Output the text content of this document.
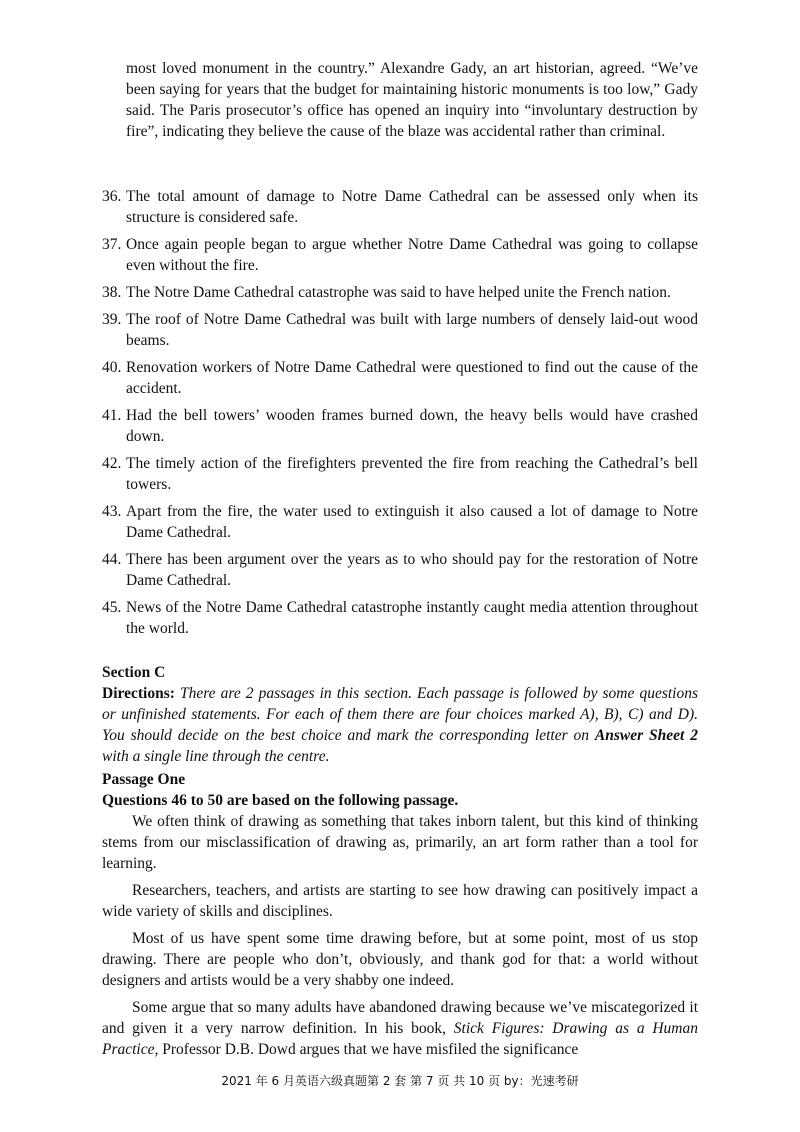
most loved monument in the country.” Alexandre Gady, an art historian, agreed. “We’ve been saying for years that the budget for maintaining historic monuments is too low,” Gady said. The Paris prosecutor’s office has opened an inquiry into “involuntary destruction by fire”, indicating they believe the cause of the blaze was accidental rather than criminal.

36. The total amount of damage to Notre Dame Cathedral can be assessed only when its structure is considered safe.
37. Once again people began to argue whether Notre Dame Cathedral was going to collapse even without the fire.
38. The Notre Dame Cathedral catastrophe was said to have helped unite the French nation.
39. The roof of Notre Dame Cathedral was built with large numbers of densely laid-out wood beams.
40. Renovation workers of Notre Dame Cathedral were questioned to find out the cause of the accident.
41. Had the bell towers’ wooden frames burned down, the heavy bells would have crashed down.
42. The timely action of the firefighters prevented the fire from reaching the Cathedral’s bell towers.
43. Apart from the fire, the water used to extinguish it also caused a lot of damage to Notre Dame Cathedral.
44. There has been argument over the years as to who should pay for the restoration of Notre Dame Cathedral.
45. News of the Notre Dame Cathedral catastrophe instantly caught media attention throughout the world.

Section C

Directions: There are 2 passages in this section. Each passage is followed by some questions or unfinished statements. For each of them there are four choices marked A), B), C) and D). You should decide on the best choice and mark the corresponding letter on Answer Sheet 2 with a single line through the centre.

Passage One

Questions 46 to 50 are based on the following passage.

We often think of drawing as something that takes inborn talent, but this kind of thinking stems from our misclassification of drawing as, primarily, an art form rather than a tool for learning.

Researchers, teachers, and artists are starting to see how drawing can positively impact a wide variety of skills and disciplines.

Most of us have spent some time drawing before, but at some point, most of us stop drawing. There are people who don’t, obviously, and thank god for that: a world without designers and artists would be a very shabby one indeed.

Some argue that so many adults have abandoned drawing because we’ve miscategorized it and given it a very narrow definition. In his book, Stick Figures: Drawing as a Human Practice, Professor D.B. Dowd argues that we have misfiled the significance

2021 年 6 月英语六级真题第 2 套 第 7 页 共 10 页 by：光速考研
